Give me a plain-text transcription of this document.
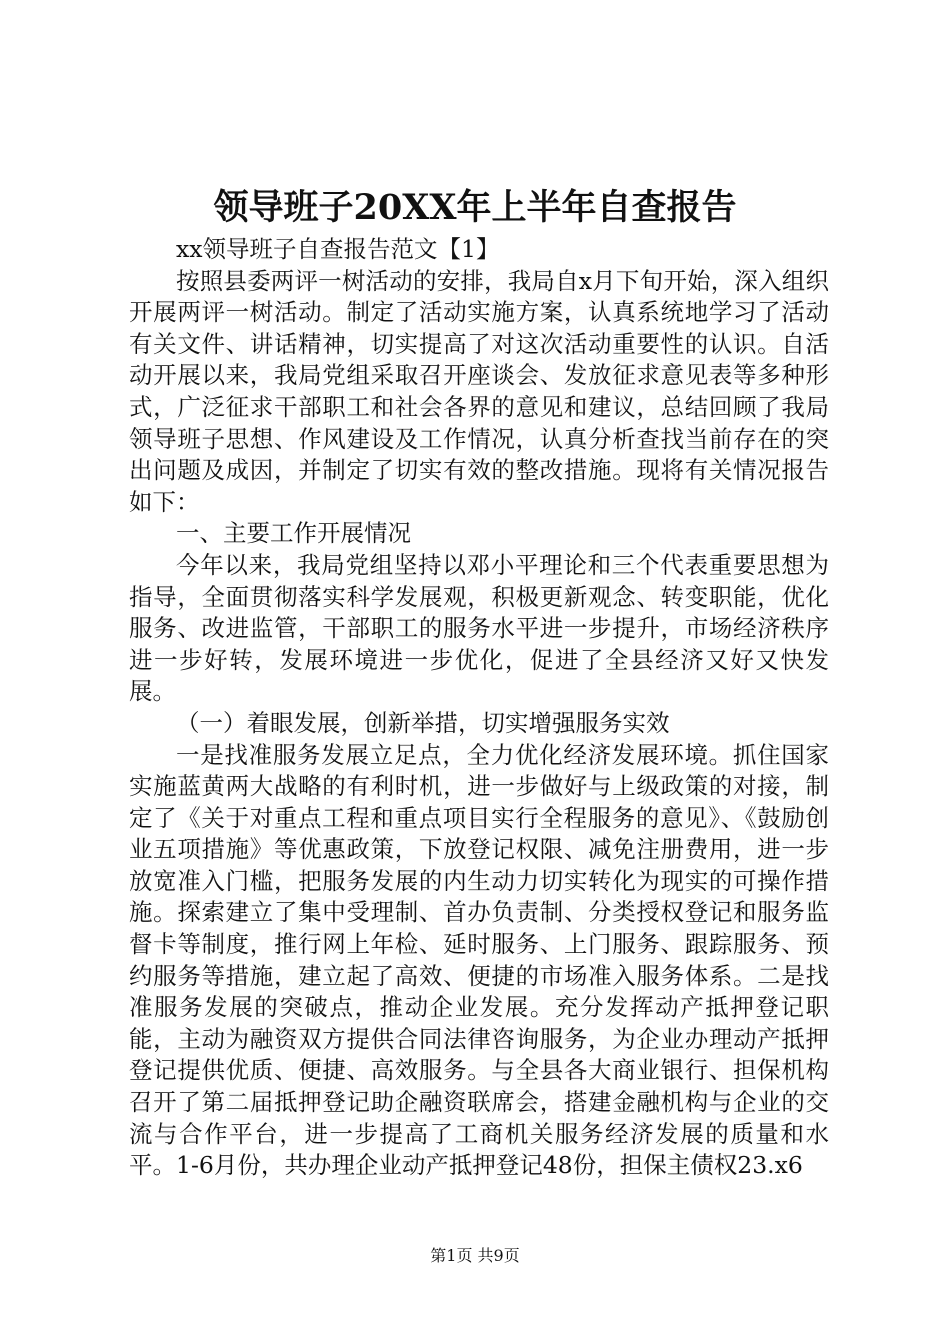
领导班子20XX年上半年自查报告

xx领导班子自查报告范文【1】

按照县委两评一树活动的安排，我局自x月下旬开始，深入组织开展两评一树活动。制定了活动实施方案，认真系统地学习了活动有关文件、讲话精神，切实提高了对这次活动重要性的认识。自活动开展以来，我局党组采取召开座谈会、发放征求意见表等多种形式，广泛征求干部职工和社会各界的意见和建议，总结回顾了我局领导班子思想、作风建设及工作情况，认真分析查找当前存在的突出问题及成因，并制定了切实有效的整改措施。现将有关情况报告如下：

一、主要工作开展情况

今年以来，我局党组坚持以邓小平理论和三个代表重要思想为指导，全面贯彻落实科学发展观，积极更新观念、转变职能，优化服务、改进监管，干部职工的服务水平进一步提升，市场经济秩序进一步好转，发展环境进一步优化，促进了全县经济又好又快发展。

（一）着眼发展，创新举措，切实增强服务实效

一是找准服务发展立足点，全力优化经济发展环境。抓住国家实施蓝黄两大战略的有利时机，进一步做好与上级政策的对接，制定了《关于对重点工程和重点项目实行全程服务的意见》、《鼓励创业五项措施》等优惠政策，下放登记权限、减免注册费用，进一步放宽准入门槛，把服务发展的内生动力切实转化为现实的可操作措施。探索建立了集中受理制、首办负责制、分类授权登记和服务监督卡等制度，推行网上年检、延时服务、上门服务、跟踪服务、预约服务等措施，建立起了高效、便捷的市场准入服务体系。二是找准服务发展的突破点，推动企业发展。充分发挥动产抵押登记职能，主动为融资双方提供合同法律咨询服务，为企业办理动产抵押登记提供优质、便捷、高效服务。与全县各大商业银行、担保机构召开了第二届抵押登记助企融资联席会，搭建金融机构与企业的交流与合作平台，进一步提高了工商机关服务经济发展的质量和水平。1-6月份，共办理企业动产抵押登记48份，担保主债权23.x6

第1页 共9页
